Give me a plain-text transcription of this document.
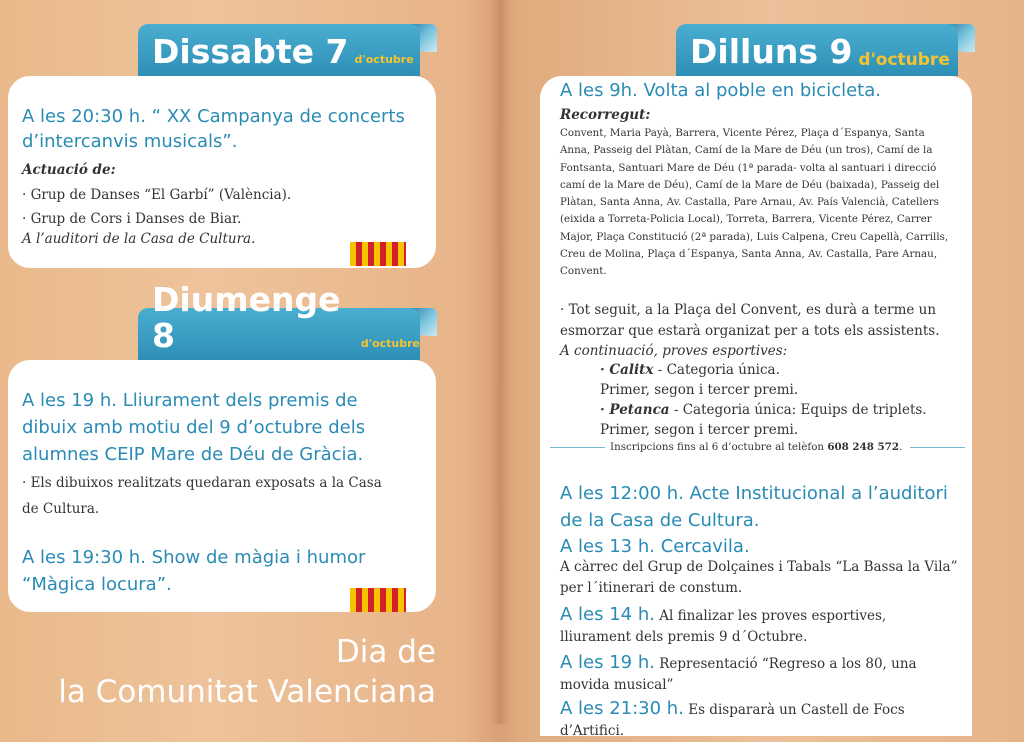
Dissabte 7 d'octubre
A les 20:30 h. “ XX Campanya de concerts d’intercanvis musicals”.
Actuació de:
· Grup de Danses “El Garbí” (València).
· Grup de Cors i Danses de Biar.
A l’auditori de la Casa de Cultura.
Diumenge 8	d'octubre
A les 19 h. Lliurament dels premis de dibuix amb motiu del 9 d’octubre dels alumnes CEIP Mare de Déu de Gràcia.
· Els dibuixos realitzats quedaran exposats a la Casa de Cultura.
A les 19:30 h. Show de màgia i humor “Màgica locura”.
Dia de
la Comunitat Valenciana
Dilluns 9 d'octubre
A les 9h. Volta al poble en bicicleta.
Recorregut:
Convent, Maria Payà, Barrera, Vicente Pérez, Plaça d´Espanya, Santa Anna, Passeig del Plàtan, Camí de la Mare de Déu (un tros), Camí de la Fontsanta, Santuari Mare de Déu (1ª parada- volta al santuari i direcció camí de la Mare de Déu), Camí de la Mare de Déu (baixada), Passeig del Plàtan, Santa Anna, Av. Castalla, Pare Arnau, Av. País Valencià, Catellers (eixida a Torreta-Policia Local), Torreta, Barrera, Vicente Pérez, Carrer Major, Plaça Constitució (2ª parada), Luis Calpena, Creu Capellà, Carrills, Creu de Molina, Plaça d´Espanya, Santa Anna, Av. Castalla, Pare Arnau, Convent.
· Tot seguit, a la Plaça del Convent, es durà a terme un esmorzar que estarà organizat per a tots els assistents.
A continuació, proves esportives:
· Calitx - Categoria única.
Primer, segon i tercer premi.
· Petanca - Categoria única: Equips de triplets.
Primer, segon i tercer premi.
Inscripcions fins al 6 d’octubre al telèfon 608 248 572.
A les 12:00 h. Acte Institucional a l’auditori de la Casa de Cultura.
A les 13 h. Cercavila.
A càrrec del Grup de Dolçaines i Tabals “La Bassa la Vila” per l´itinerari de constum.
A les 14 h. Al finalizar les proves esportives, lliurament dels premis 9 d´Octubre.
A les 19 h. Representació “Regreso a los 80, una movida musical”
A les 21:30 h. Es dispararà un Castell de Focs d’Artifici.
